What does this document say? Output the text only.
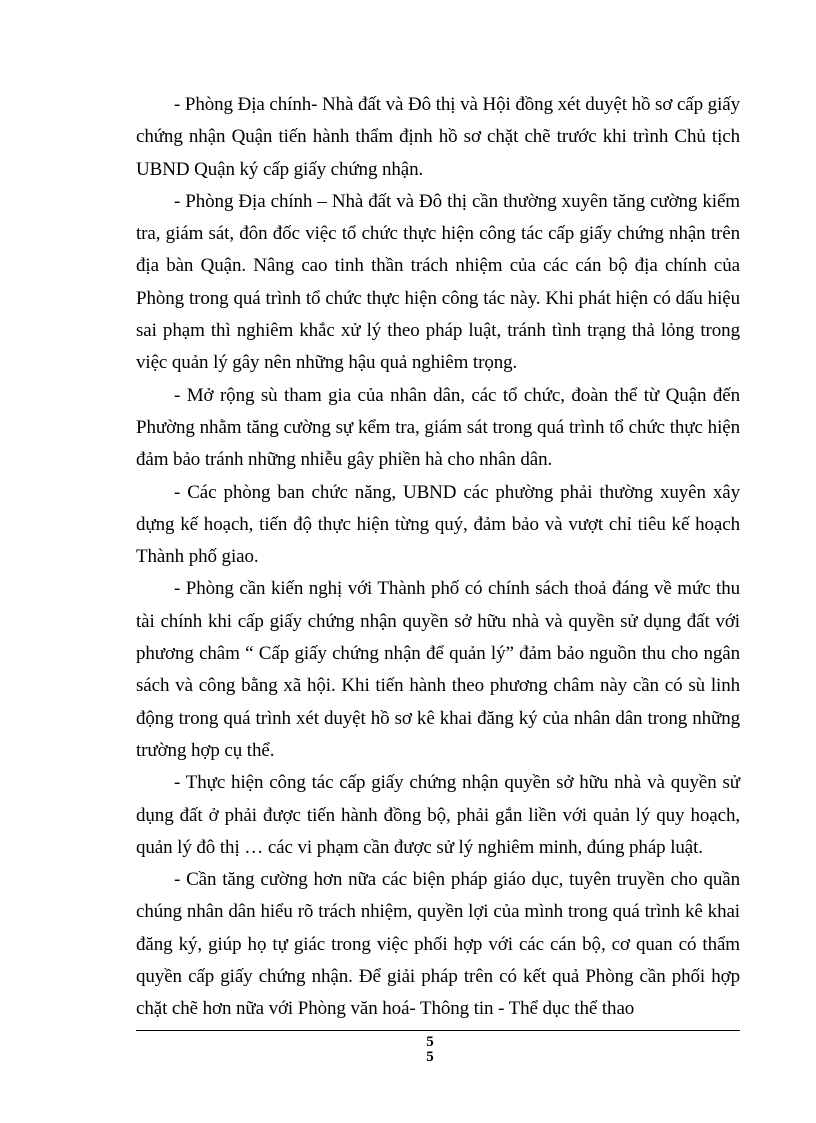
- Phòng Địa chính- Nhà đất và Đô thị và Hội đồng xét duyệt hồ sơ cấp giấy chứng nhận Quận tiến hành thẩm định hồ sơ chặt chẽ trước khi trình Chủ tịch UBND Quận ký cấp giấy chứng nhận.

- Phòng Địa chính – Nhà đất và Đô thị cần thường xuyên tăng cường kiểm tra, giám sát, đôn đốc việc tổ chức thực hiện công tác cấp giấy chứng nhận trên địa bàn Quận. Nâng cao tinh thần trách nhiệm của các cán bộ địa chính của Phòng trong quá trình tổ chức thực hiện công tác này. Khi phát hiện có dấu hiệu sai phạm thì nghiêm khắc xử lý theo pháp luật, tránh tình trạng thả lỏng trong việc quản lý gây nên những hậu quả nghiêm trọng.

- Mở rộng sù tham gia của nhân dân, các tổ chức, đoàn thể từ Quận đến Phường nhằm tăng cường sự kểm tra, giám sát trong quá trình tổ chức thực hiện đảm bảo tránh những nhiễu gây phiền hà cho nhân dân.

- Các phòng ban chức năng, UBND các phường phải thường xuyên xây dựng kế hoạch, tiến độ thực hiện từng quý, đảm bảo và vượt chỉ tiêu kế hoạch Thành phố giao.

- Phòng cần kiến nghị với Thành phố có chính sách thoả đáng về mức thu tài chính khi cấp giấy chứng nhận quyền sở hữu nhà và quyền sử dụng đất với phương châm “ Cấp giấy chứng nhận để quản lý” đảm bảo nguồn thu cho ngân sách và công bằng xã hội. Khi tiến hành theo phương châm này cần có sù linh động trong quá trình xét duyệt hồ sơ kê khai đăng ký của nhân dân trong những trường hợp cụ thể.

- Thực hiện công tác cấp giấy chứng nhận quyền sở hữu nhà và quyền sử dụng đất ở phải được tiến hành đồng bộ, phải gắn liền với quản lý quy hoạch, quản lý đô thị … các vi phạm cần được sử lý nghiêm minh, đúng pháp luật.

- Cần tăng cường hơn nữa các biện pháp giáo dục, tuyên truyền cho quần chúng nhân dân hiểu rõ trách nhiệm, quyền lợi của mình trong quá trình kê khai đăng ký, giúp họ tự giác trong việc phối hợp với các cán bộ, cơ quan có thẩm quyền cấp giấy chứng nhận. Để giải pháp trên có kết quả Phòng cần phối hợp chặt chẽ hơn nữa với Phòng văn hoá- Thông tin - Thể dục thể thao

5
5
